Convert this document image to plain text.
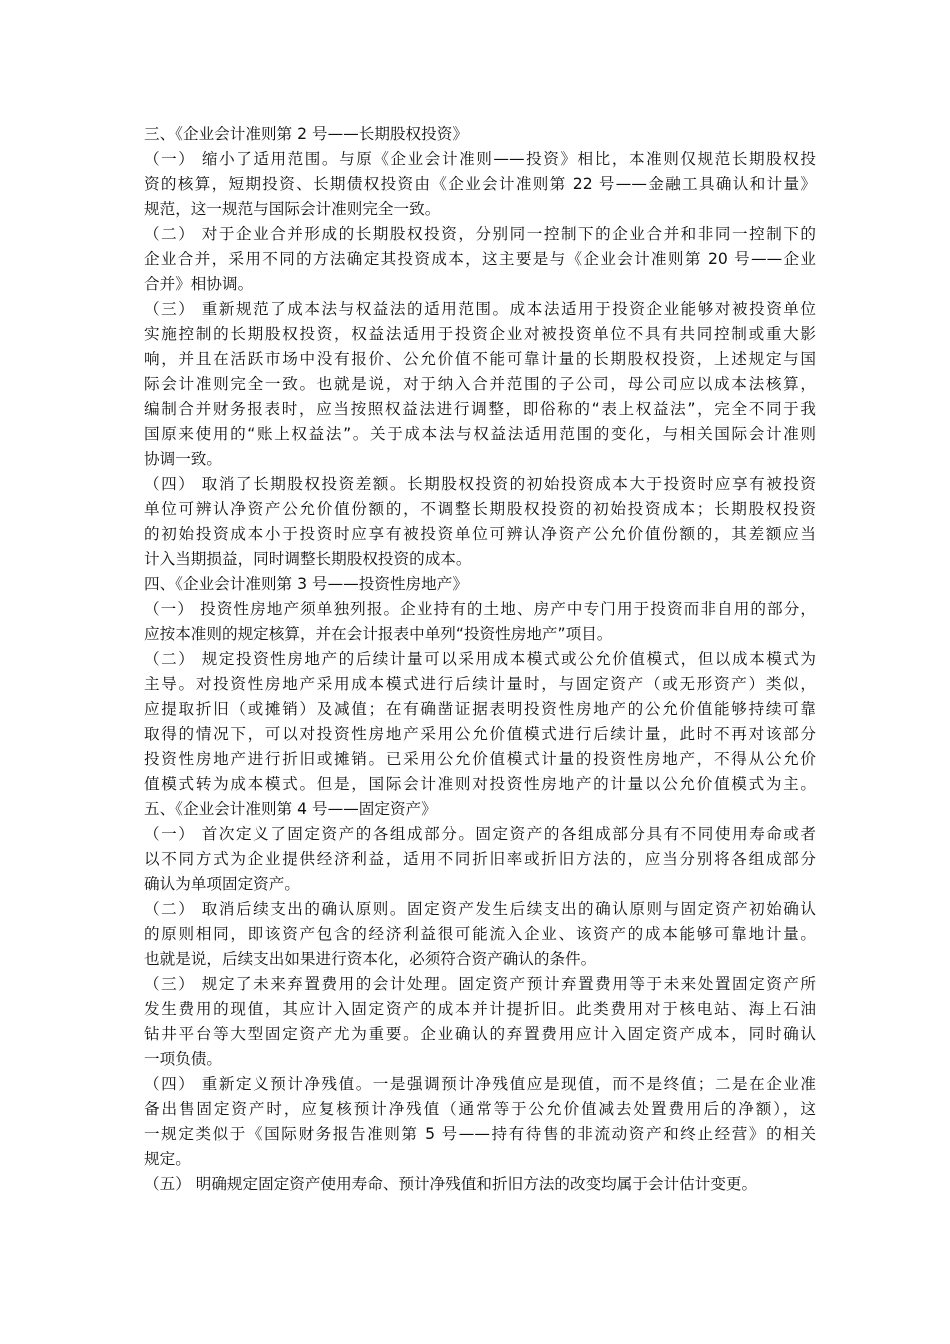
三、《企业会计准则第 2 号——长期股权投资》
（一） 缩小了适用范围。与原《企业会计准则——投资》相比，本准则仅规范长期股权投
资的核算，短期投资、长期债权投资由《企业会计准则第 22 号——金融工具确认和计量》
规范，这一规范与国际会计准则完全一致。
（二） 对于企业合并形成的长期股权投资，分别同一控制下的企业合并和非同一控制下的
企业合并，采用不同的方法确定其投资成本，这主要是与《企业会计准则第 20 号——企业
合并》相协调。
（三） 重新规范了成本法与权益法的适用范围。成本法适用于投资企业能够对被投资单位
实施控制的长期股权投资，权益法适用于投资企业对被投资单位不具有共同控制或重大影
响，并且在活跃市场中没有报价、公允价值不能可靠计量的长期股权投资，上述规定与国
际会计准则完全一致。也就是说，对于纳入合并范围的子公司，母公司应以成本法核算，
编制合并财务报表时，应当按照权益法进行调整，即俗称的“表上权益法”，完全不同于我
国原来使用的“账上权益法”。关于成本法与权益法适用范围的变化，与相关国际会计准则
协调一致。
（四） 取消了长期股权投资差额。长期股权投资的初始投资成本大于投资时应享有被投资
单位可辨认净资产公允价值份额的，不调整长期股权投资的初始投资成本；长期股权投资
的初始投资成本小于投资时应享有被投资单位可辨认净资产公允价值份额的，其差额应当
计入当期损益，同时调整长期股权投资的成本。
四、《企业会计准则第 3 号——投资性房地产》
（一） 投资性房地产须单独列报。企业持有的土地、房产中专门用于投资而非自用的部分，
应按本准则的规定核算，并在会计报表中单列“投资性房地产”项目。
（二） 规定投资性房地产的后续计量可以采用成本模式或公允价值模式，但以成本模式为
主导。对投资性房地产采用成本模式进行后续计量时，与固定资产（或无形资产）类似，
应提取折旧（或摊销）及减值；在有确凿证据表明投资性房地产的公允价值能够持续可靠
取得的情况下，可以对投资性房地产采用公允价值模式进行后续计量，此时不再对该部分
投资性房地产进行折旧或摊销。已采用公允价值模式计量的投资性房地产，不得从公允价
值模式转为成本模式。但是，国际会计准则对投资性房地产的计量以公允价值模式为主。
五、《企业会计准则第 4 号——固定资产》
（一） 首次定义了固定资产的各组成部分。固定资产的各组成部分具有不同使用寿命或者
以不同方式为企业提供经济利益，适用不同折旧率或折旧方法的，应当分别将各组成部分
确认为单项固定资产。
（二） 取消后续支出的确认原则。固定资产发生后续支出的确认原则与固定资产初始确认
的原则相同，即该资产包含的经济利益很可能流入企业、该资产的成本能够可靠地计量。
也就是说，后续支出如果进行资本化，必须符合资产确认的条件。
（三） 规定了未来弃置费用的会计处理。固定资产预计弃置费用等于未来处置固定资产所
发生费用的现值，其应计入固定资产的成本并计提折旧。此类费用对于核电站、海上石油
钻井平台等大型固定资产尤为重要。企业确认的弃置费用应计入固定资产成本，同时确认
一项负债。
（四） 重新定义预计净残值。一是强调预计净残值应是现值，而不是终值；二是在企业准
备出售固定资产时，应复核预计净残值（通常等于公允价值减去处置费用后的净额），这
一规定类似于《国际财务报告准则第 5 号——持有待售的非流动资产和终止经营》的相关
规定。
（五） 明确规定固定资产使用寿命、预计净残值和折旧方法的改变均属于会计估计变更。
